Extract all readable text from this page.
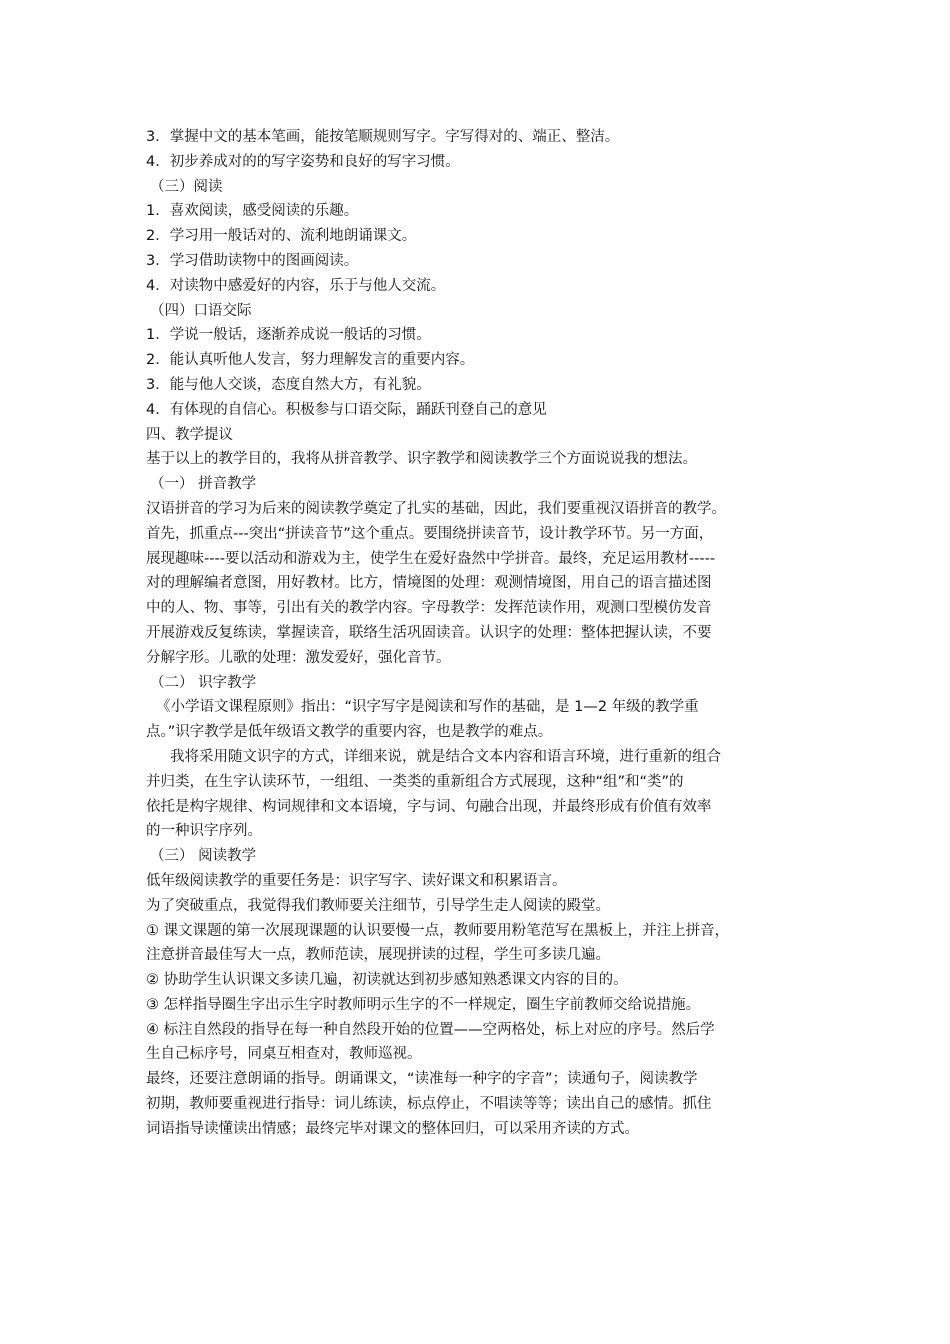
3．掌握中文的基本笔画，能按笔顺规则写字。字写得对的、端正、整洁。
4．初步养成对的的写字姿势和良好的写字习惯。
（三）阅读
1．喜欢阅读，感受阅读的乐趣。
2．学习用一般话对的、流利地朗诵课文。
3．学习借助读物中的图画阅读。
4．对读物中感爱好的内容，乐于与他人交流。
（四）口语交际
1．学说一般话，逐渐养成说一般话的习惯。
2．能认真听他人发言，努力理解发言的重要内容。
3．能与他人交谈，态度自然大方，有礼貌。
4．有体现的自信心。积极参与口语交际，踊跃刊登自己的意见
四、教学提议
基于以上的教学目的，我将从拼音教学、识字教学和阅读教学三个方面说说我的想法。
（一） 拼音教学
汉语拼音的学习为后来的阅读教学奠定了扎实的基础，因此，我们要重视汉语拼音的教学。
首先，抓重点---突出“拼读音节”这个重点。要围绕拼读音节，设计教学环节。另一方面，
展现趣味----要以活动和游戏为主，使学生在爱好盎然中学拼音。最终，充足运用教材-----
对的理解编者意图，用好教材。比方，情境图的处理：观测情境图，用自己的语言描述图
中的人、物、事等，引出有关的教学内容。字母教学：发挥范读作用，观测口型模仿发音
开展游戏反复练读，掌握读音，联络生活巩固读音。认识字的处理：整体把握认读，不要
分解字形。儿歌的处理：激发爱好，强化音节。
（二） 识字教学
《小学语文课程原则》指出：“识字写字是阅读和写作的基础，是 1—2 年级的教学重
点。”识字教学是低年级语文教学的重要内容，也是教学的难点。
我将采用随文识字的方式，详细来说，就是结合文本内容和语言环境，进行重新的组合
并归类，在生字认读环节，一组组、一类类的重新组合方式展现，这种“组”和“类”的
依托是构字规律、构词规律和文本语境，字与词、句融合出现，并最终形成有价值有效率
的一种识字序列。
（三） 阅读教学
低年级阅读教学的重要任务是：识字写字、读好课文和积累语言。
为了突破重点，我觉得我们教师要关注细节，引导学生走人阅读的殿堂。
① 课文课题的第一次展现课题的认识要慢一点，教师要用粉笔范写在黑板上，并注上拼音，
注意拼音最佳写大一点，教师范读，展现拼读的过程，学生可多读几遍。
② 协助学生认识课文多读几遍，初读就达到初步感知熟悉课文内容的目的。
③ 怎样指导圈生字出示生字时教师明示生字的不一样规定，圈生字前教师交给说措施。
④ 标注自然段的指导在每一种自然段开始的位置——空两格处，标上对应的序号。然后学
生自己标序号，同桌互相查对，教师巡视。
最终，还要注意朗诵的指导。朗诵课文，“读准每一种字的字音”；读通句子，阅读教学
初期，教师要重视进行指导：词儿练读，标点停止，不唱读等等；读出自己的感情。抓住
词语指导读懂读出情感；最终完毕对课文的整体回归，可以采用齐读的方式。
